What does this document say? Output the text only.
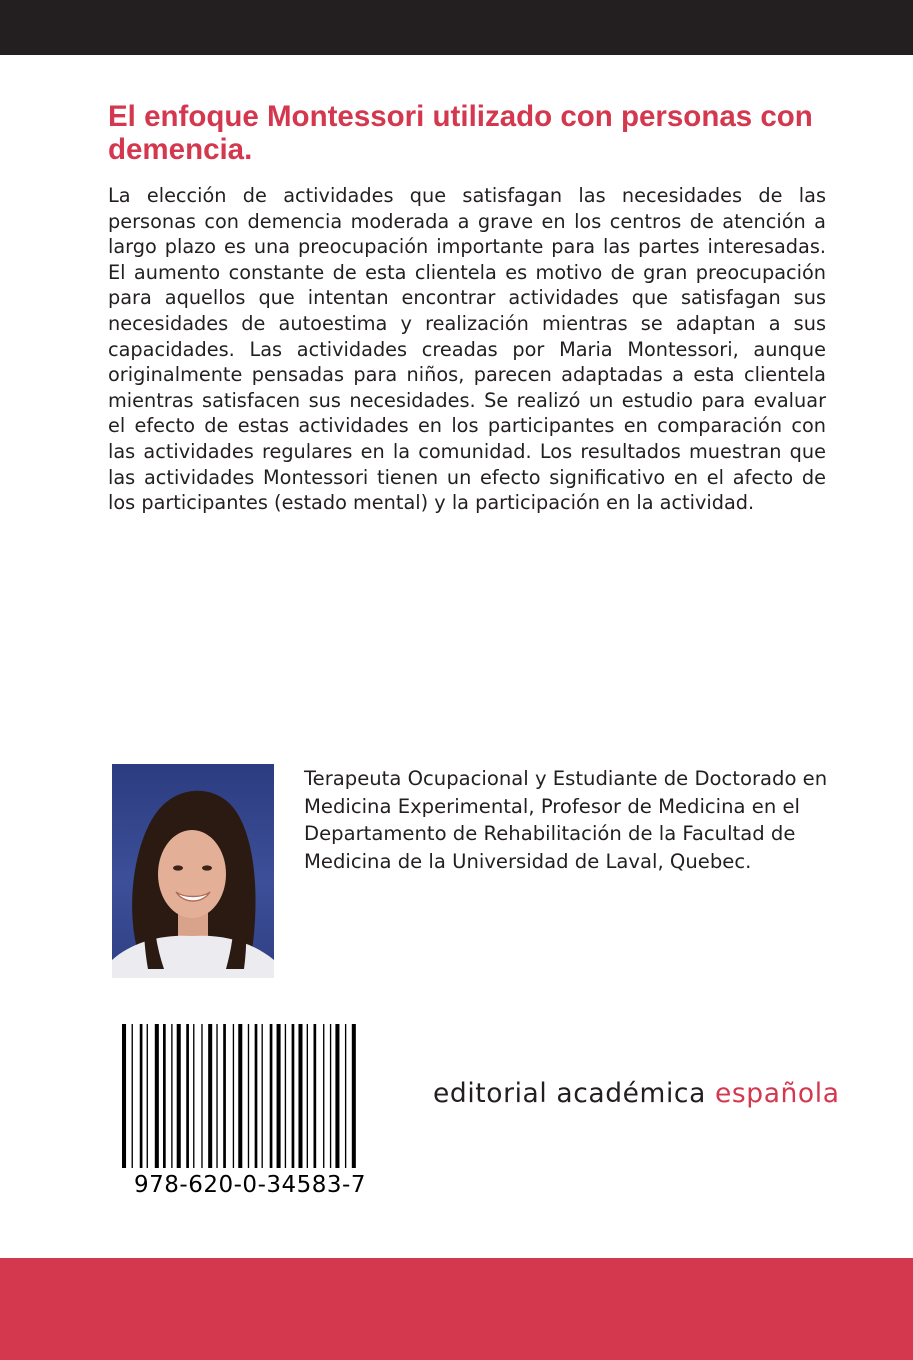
El enfoque Montessori utilizado con personas con demencia.

La elección de actividades que satisfagan las necesidades de las personas con demencia moderada a grave en los centros de atención a largo plazo es una preocupación importante para las partes interesadas. El aumento constante de esta clientela es motivo de gran preocupación para aquellos que intentan encontrar actividades que satisfagan sus necesidades de autoestima y realización mientras se adaptan a sus capacidades. Las actividades creadas por Maria Montessori, aunque originalmente pensadas para niños, parecen adaptadas a esta clientela mientras satisfacen sus necesidades. Se realizó un estudio para evaluar el efecto de estas actividades en los participantes en comparación con las actividades regulares en la comunidad. Los resultados muestran que las actividades Montessori tienen un efecto significativo en el afecto de los participantes (estado mental) y la participación en la actividad.

Terapeuta Ocupacional y Estudiante de Doctorado en Medicina Experimental, Profesor de Medicina en el Departamento de Rehabilitación de la Facultad de Medicina de la Universidad de Laval, Quebec.

978-620-0-34583-7
editorial académica española
